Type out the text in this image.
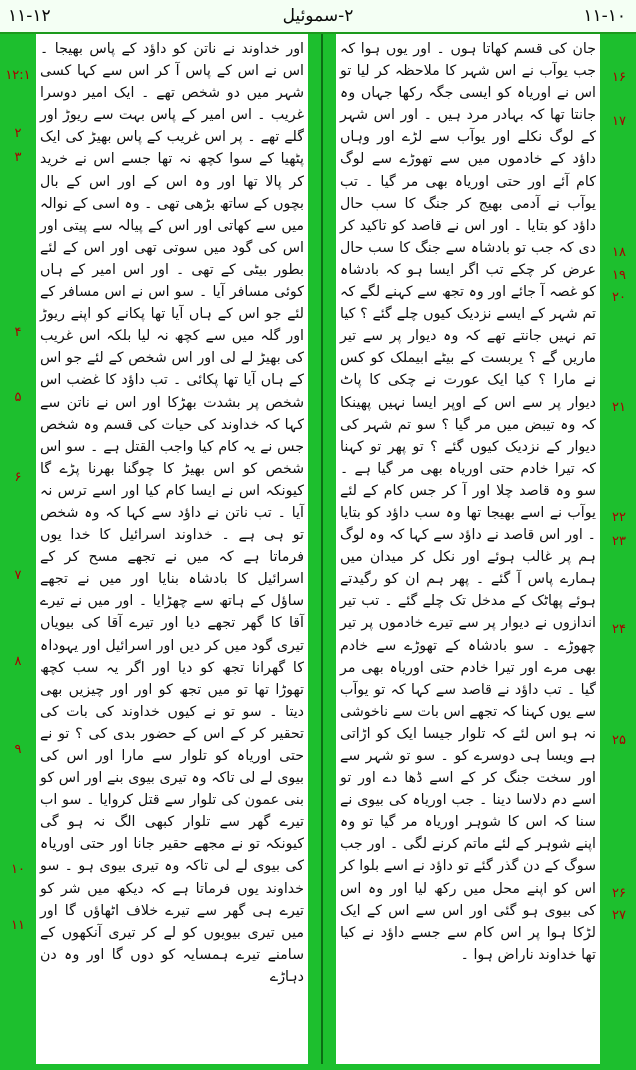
۱۱-۱۲	۲-سموئیل	۱۱-۱۰

جان کی قسم کھاتا ہوں ۔ اور یوں ہوا کہ جب یوآب نے اس شہر کا ملاحظہ کر لیا تو اس نے اوریاہ کو ایسی جگہ رکھا جہاں وہ جانتا تھا کہ بہادر مرد ہیں ۔ اور اس شہر کے لوگ نکلے اور یوآب سے لڑے اور وہاں داؤد کے خادموں میں سے تھوڑے سے لوگ کام آئے اور حتی اوریاہ بھی مر گیا ۔ تب یوآب نے آدمی بھیج کر جنگ کا سب حال داؤد کو بتایا ۔ اور اس نے قاصد کو تاکید کر دی کہ جب تو بادشاہ سے جنگ کا سب حال عرض کر چکے تب اگر ایسا ہو کہ بادشاہ کو غصہ آ جائے اور وہ تجھ سے کہنے لگے کہ تم شہر کے ایسے نزدیک کیوں چلے گئے ؟ کیا تم نہیں جانتے تھے کہ وہ دیوار پر سے تیر ماریں گے ؟ یربست کے بیٹے ابیملک کو کس نے مارا ؟ کیا ایک عورت نے چکی کا پاٹ دیوار پر سے اس کے اوپر ایسا نہیں پھینکا کہ وہ تیبض میں مر گیا ؟ سو تم شہر کی دیوار کے نزدیک کیوں گئے ؟ تو پھر تو کہنا کہ تیرا خادم حتی اوریاہ بھی مر گیا ہے ۔ سو وہ قاصد چلا اور آ کر جس کام کے لئے یوآب نے اسے بھیجا تھا وہ سب داؤد کو بتایا ۔ اور اس قاصد نے داؤد سے کہا کہ وہ لوگ ہم پر غالب ہوئے اور نکل کر میدان میں ہمارے پاس آ گئے ۔ پھر ہم ان کو رگیدتے ہوئے پھاٹک کے مدخل تک چلے گئے ۔ تب تیر اندازوں نے دیوار پر سے تیرے خادموں پر تیر چھوڑے ۔ سو بادشاہ کے تھوڑے سے خادم بھی مرے اور تیرا خادم حتی اوریاہ بھی مر گیا ۔ تب داؤد نے قاصد سے کہا کہ تو یوآب سے یوں کہنا کہ تجھے اس بات سے ناخوشی نہ ہو اس لئے کہ تلوار جیسا ایک کو اڑاتی ہے ویسا ہی دوسرے کو ۔ سو تو شہر سے اور سخت جنگ کر کے اسے ڈھا دے اور تو اسے دم دلاسا دینا ۔ جب اوریاہ کی بیوی نے سنا کہ اس کا شوہر اوریاہ مر گیا تو وہ اپنے شوہر کے لئے ماتم کرنے لگی ۔ اور جب سوگ کے دن گذر گئے تو داؤد نے اسے بلوا کر اس کو اپنے محل میں رکھ لیا اور وہ اس کی بیوی ہو گئی اور اس سے اس کے ایک لڑکا ہوا پر اس کام سے جسے داؤد نے کیا تھا خداوند ناراض ہوا ۔

اور خداوند نے ناتن کو داؤد کے پاس بھیجا ۔ اس نے اس کے پاس آ کر اس سے کہا کسی شہر میں دو شخص تھے ۔ ایک امیر دوسرا غریب ۔ اس امیر کے پاس بہت سے ریوڑ اور گلے تھے ۔ پر اس غریب کے پاس بھیڑ کی ایک پٹھیا کے سوا کچھ نہ تھا جسے اس نے خرید کر پالا تھا اور وہ اس کے اور اس کے بال بچوں کے ساتھ بڑھی تھی ۔ وہ اسی کے نوالہ میں سے کھاتی اور اس کے پیالہ سے پیتی اور اس کی گود میں سوتی تھی اور اس کے لئے بطور بیٹی کے تھی ۔ اور اس امیر کے ہاں کوئی مسافر آیا ۔ سو اس نے اس مسافر کے لئے جو اس کے ہاں آیا تھا پکانے کو اپنے ریوڑ اور گلہ میں سے کچھ نہ لیا بلکہ اس غریب کی بھیڑ لے لی اور اس شخص کے لئے جو اس کے ہاں آیا تھا پکائی ۔ تب داؤد کا غضب اس شخص پر بشدت بھڑکا اور اس نے ناتن سے کہا کہ خداوند کی حیات کی قسم وہ شخص جس نے یہ کام کیا واجب القتل ہے ۔ سو اس شخص کو اس بھیڑ کا چوگنا بھرنا پڑے گا کیونکہ اس نے ایسا کام کیا اور اسے ترس نہ آیا ۔ تب ناتن نے داؤد سے کہا کہ وہ شخص تو ہی ہے ۔ خداوند اسرائیل کا خدا یوں فرماتا ہے کہ میں نے تجھے مسح کر کے اسرائیل کا بادشاہ بنایا اور میں نے تجھے ساؤل کے ہاتھ سے چھڑایا ۔ اور میں نے تیرے آقا کا گھر تجھے دیا اور تیرے آقا کی بیویاں تیری گود میں کر دیں اور اسرائیل اور یہوداہ کا گھرانا تجھ کو دیا اور اگر یہ سب کچھ تھوڑا تھا تو میں تجھ کو اور اور چیزیں بھی دیتا ۔ سو تو نے کیوں خداوند کی بات کی تحقیر کر کے اس کے حضور بدی کی ؟ تو نے حتی اوریاہ کو تلوار سے مارا اور اس کی بیوی لے لی تاکہ وہ تیری بیوی بنے اور اس کو بنی عمون کی تلوار سے قتل کروایا ۔ سو اب تیرے گھر سے تلوار کبھی الگ نہ ہو گی کیونکہ تو نے مجھے حقیر جانا اور حتی اوریاہ کی بیوی لے لی تاکہ وہ تیری بیوی ہو ۔ سو خداوند یوں فرماتا ہے کہ دیکھ میں شر کو تیرے ہی گھر سے تیرے خلاف اٹھاؤں گا اور میں تیری بیویوں کو لے کر تیری آنکھوں کے سامنے تیرے ہمسایہ کو دوں گا اور وہ دن دہاڑے

۱۶
۱۷
۱۸
۱۹
۲۰
۲۱
۲۲
۲۳
۲۴
۲۵
۲۶
۲۷
۱۲:۱
۲
۳
۴
۵
۶
۷
۸
۹
۱۰
۱۱
